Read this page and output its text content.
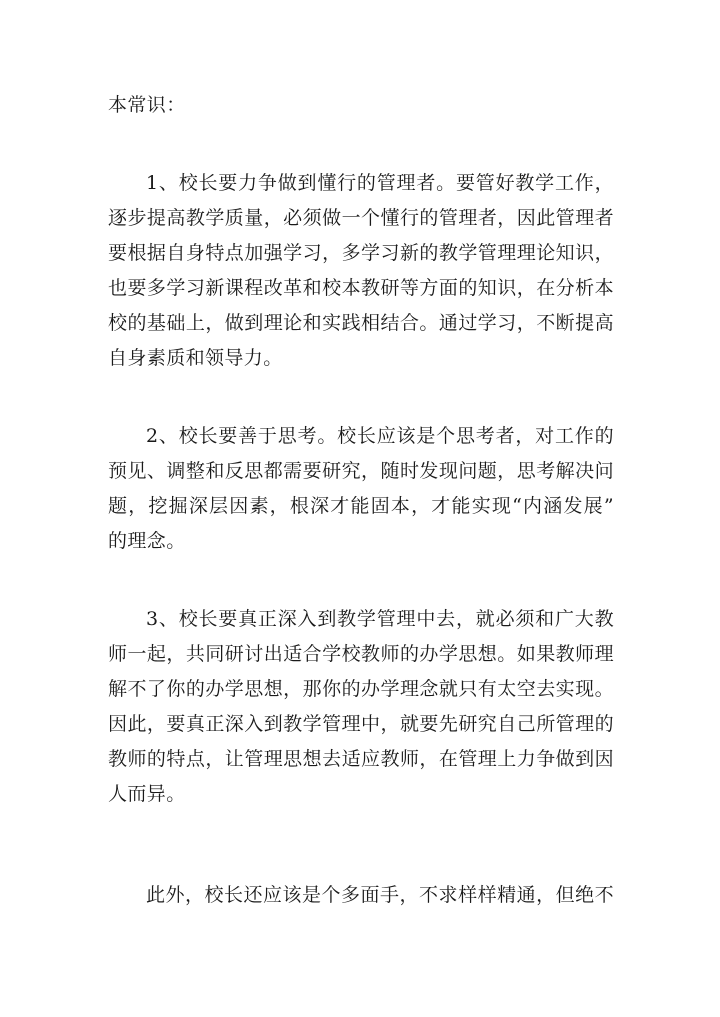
本常识：
1、校长要力争做到懂行的管理者。要管好教学工作，
逐步提高教学质量，必须做一个懂行的管理者，因此管理者
要根据自身特点加强学习，多学习新的教学管理理论知识，
也要多学习新课程改革和校本教研等方面的知识，在分析本
校的基础上，做到理论和实践相结合。通过学习，不断提高
自身素质和领导力。
2、校长要善于思考。校长应该是个思考者，对工作的
预见、调整和反思都需要研究，随时发现问题，思考解决问
题，挖掘深层因素，根深才能固本，才能实现“内涵发展”
的理念。
3、校长要真正深入到教学管理中去，就必须和广大教
师一起，共同研讨出适合学校教师的办学思想。如果教师理
解不了你的办学思想，那你的办学理念就只有太空去实现。
因此，要真正深入到教学管理中，就要先研究自己所管理的
教师的特点，让管理思想去适应教师，在管理上力争做到因
人而异。
此外，校长还应该是个多面手，不求样样精通，但绝不
